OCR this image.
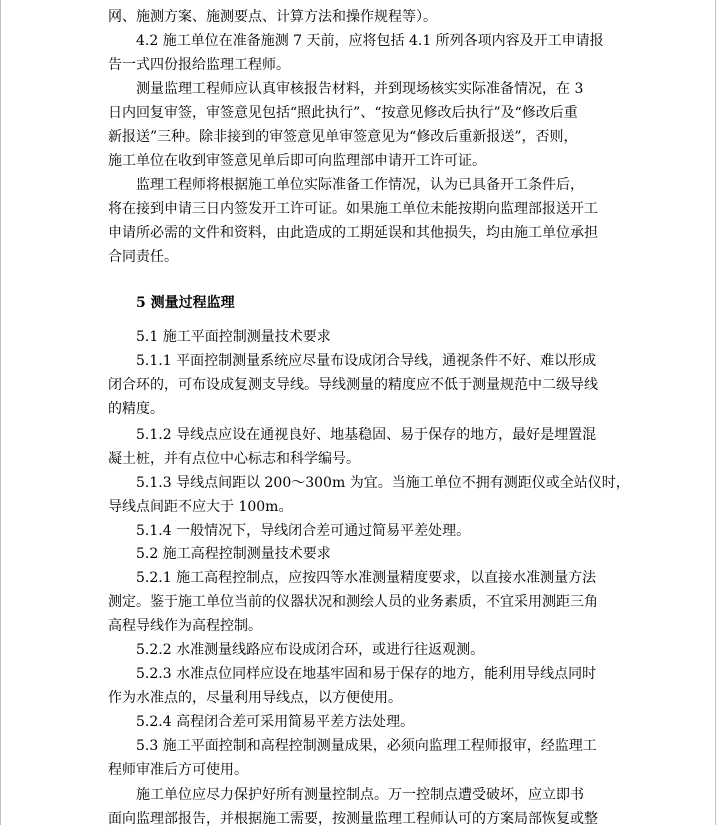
网、施测方案、施测要点、计算方法和操作规程等）。
4.2 施工单位在准备施测 7 天前，应将包括 4.1 所列各项内容及开工申请报
告一式四份报给监理工程师。
测量监理工程师应认真审核报告材料，并到现场核实实际准备情况，在 3
日内回复审签，审签意见包括“照此执行”、“按意见修改后执行”及“修改后重
新报送”三种。除非接到的审签意见单审签意见为“修改后重新报送”，否则，
施工单位在收到审签意见单后即可向监理部申请开工许可证。
监理工程师将根据施工单位实际准备工作情况，认为已具备开工条件后，
将在接到申请三日内签发开工许可证。如果施工单位未能按期向监理部报送开工
申请所必需的文件和资料，由此造成的工期延误和其他损失，均由施工单位承担
合同责任。
5 测量过程监理
5.1 施工平面控制测量技术要求
5.1.1 平面控制测量系统应尽量布设成闭合导线，通视条件不好、难以形成
闭合环的，可布设成复测支导线。导线测量的精度应不低于测量规范中二级导线
的精度。
5.1.2 导线点应设在通视良好、地基稳固、易于保存的地方，最好是埋置混
凝土桩，并有点位中心标志和科学编号。
5.1.3 导线点间距以 200～300m 为宜。当施工单位不拥有测距仪或全站仪时，
导线点间距不应大于 100m。
5.1.4 一般情况下，导线闭合差可通过简易平差处理。
5.2 施工高程控制测量技术要求
5.2.1 施工高程控制点，应按四等水准测量精度要求，以直接水准测量方法
测定。鉴于施工单位当前的仪器状况和测绘人员的业务素质，不宜采用测距三角
高程导线作为高程控制。
5.2.2 水准测量线路应布设成闭合环，或进行往返观测。
5.2.3 水准点位同样应设在地基牢固和易于保存的地方，能利用导线点同时
作为水准点的，尽量利用导线点，以方便使用。
5.2.4 高程闭合差可采用简易平差方法处理。
5.3 施工平面控制和高程控制测量成果，必须向监理工程师报审，经监理工
程师审准后方可使用。
施工单位应尽力保护好所有测量控制点。万一控制点遭受破坏，应立即书
面向监理部报告，并根据施工需要，按测量监理工程师认可的方案局部恢复或整
